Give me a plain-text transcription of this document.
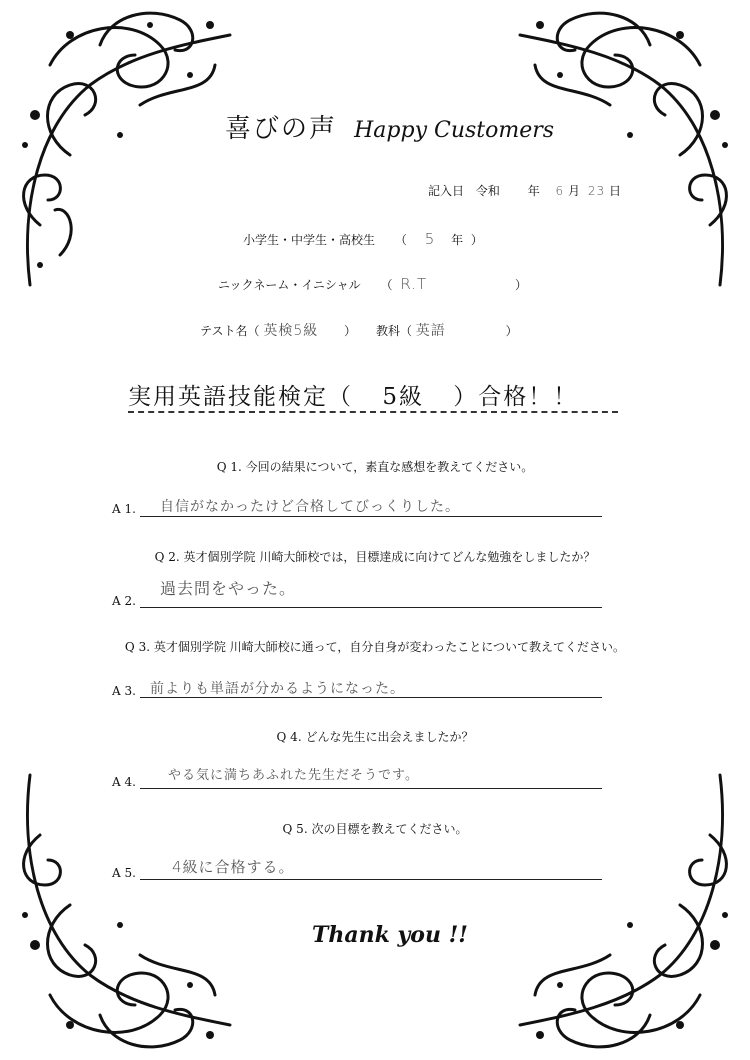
喜びの声 Happy Customers
記入日 令和 年 6 月 23 日
小学生・中学生・高校生 （ 5 年 ）
ニックネーム・イニシャル （ R.T	）
テスト名（ 英検5級 ） 教科（ 英語	）
実用英語技能検定（ 5級 ）合格！！
Q 1. 今回の結果について，素直な感想を教えてください。
A 1. 自信がなかったけど合格してびっくりした。
Q 2. 英才個別学院 川崎大師校では，目標達成に向けてどんな勉強をしましたか？
A 2.
過去問をやった。
Q 3. 英才個別学院 川崎大師校に通って，自分自身が変わったことについて教えてください。
A 3. 前よりも単語が分かるようになった。
Q 4. どんな先生に出会えましたか？
A 4. やる気に満ちあふれた先生だそうです。
Q 5. 次の目標を教えてください。
A 5. 4級に合格する。
Thank you !!
